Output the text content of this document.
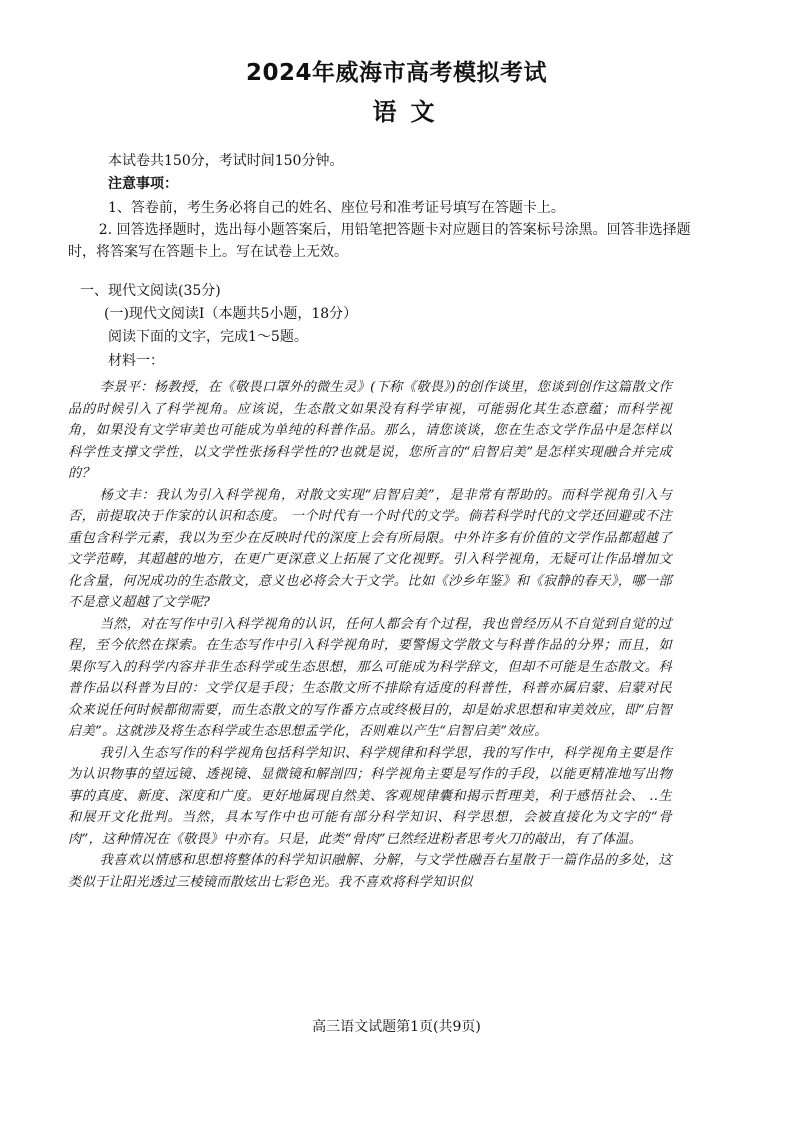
2024年威海市高考模拟考试
语文
本试卷共150分，考试时间150分钟。
注意事项：
1、答卷前，考生务必将自己的姓名、座位号和准考证号填写在答题卡上。
2. 回答选择题时，选出每小题答案后，用铅笔把答题卡对应题目的答案标号涂黑。回答非选择题时，将答案写在答题卡上。写在试卷上无效。
一、现代文阅读(35分)
(一)现代文阅读I（本题共5小题，18分）
阅读下面的文字，完成1～5题。
材料一：

李景平：杨教授，在《敬畏口罩外的微生灵》(下称《敬畏》)的创作谈里，您谈到创作这篇散文作品的时候引入了科学视角。应该说，生态散文如果没有科学审视，可能弱化其生态意蕴；而科学视角，如果没有文学审美也可能成为单纯的科普作品。那么，请您谈谈，您在生态文学作品中是怎样以科学性支撑文学性，以文学性张扬科学性的?也就是说，您所言的“启智启美”是怎样实现融合并完成的？

杨文丰：我认为引入科学视角，对散文实现“启智启美”，是非常有帮助的。而科学视角引入与否，前提取决于作家的认识和态度。 一个时代有一个时代的文学。倘若科学时代的文学还回避或不注重包含科学元素，我以为至少在反映时代的深度上会有所局限。中外许多有价值的文学作品都超越了文学范畴，其超越的地方，在更广更深意义上拓展了文化视野。引入科学视角，无疑可让作品增加文化含量，何况成功的生态散文，意义也必将会大于文学。比如《沙乡年鉴》和《寂静的春天》，哪一部不是意义超越了文学呢?

当然，对在写作中引入科学视角的认识，任何人都会有个过程，我也曾经历从不自觉到自觉的过程，至今依然在探索。在生态写作中引入科学视角时，要警惕文学散文与科普作品的分界；而且，如果你写入的科学内容并非生态科学或生态思想，那么可能成为科学辞文，但却不可能是生态散文。科普作品以科普为目的：文学仅是手段；生态散文所不排除有适度的科普性，科普亦属启蒙、启蒙对民众来说任何时候都彻需要，而生态散文的写作番方点或终极目的，却是始求思想和审美效应，即“启智启美”。这就涉及将生态科学或生态思想孟学化，否则难以产生“启智启美”效应。

我引入生态写作的科学视角包括科学知识、科学规律和科学思，我的写作中，科学视角主要是作为认识物事的望远镜、透视镜、显微镜和解剖四；科学视角主要是写作的手段，以能更精准地写出物事的真度、新度、深度和广度。更好地属现自然美、客观规律囊和揭示哲理美，利于感悟社会、 ..生和展开文化批判。当然，具本写作中也可能有部分科学知识、科学思想，会被直接化为文字的“骨肉”，这种情况在《敬畏》中亦有。只是，此类“骨肉”已然经进粉者思考火刀的敲出，有了体温。

我喜欢以情感和思想将整体的科学知识融解、分解，与文学性融吾右星散于一篇作品的多处，这类似于让阳光透过三棱镜而散炫出七彩色光。我不喜欢将科学知识似

高三语文试题第1页(共9页)
